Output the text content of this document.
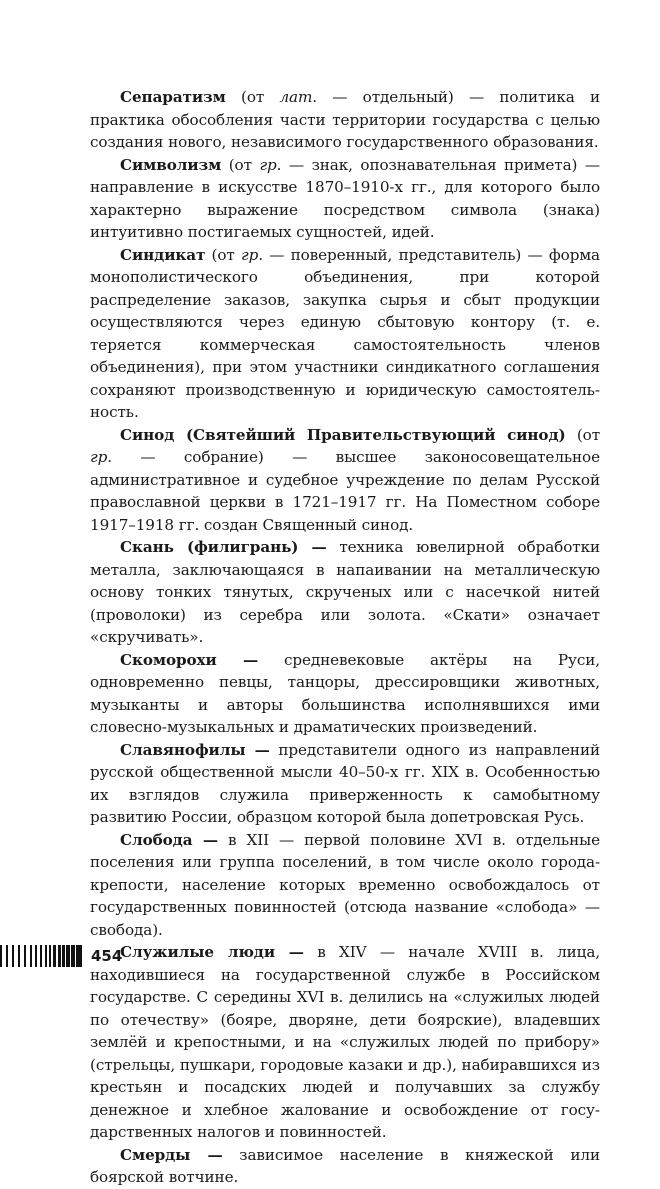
Сепаратизм (от лат. — отдельный) — политика и практика обособления части территории государства с целью создания нового, независимого государственного образования.

Символизм (от гр. — знак, опознавательная примета) — направление в искусстве 1870–1910-х гг., для которого было характерно выражение посредством символа (знака) интуитивно постигаемых сущностей, идей.

Синдикат (от гр. — поверенный, представитель) — форма монополистического объединения, при которой распределение заказов, закупка сырья и сбыт продукции осуществляются через единую сбытовую контору (т. е. теряется коммерческая самостоятельность членов объединения), при этом участники синдикатного соглашения сохраняют производственную и юридическую самостоятельность.

Синод (Святейший Правительствующий синод) (от гр. — собрание) — высшее законосовещательное административное и судебное учреждение по делам Русской православной церкви в 1721–1917 гг. На Поместном соборе 1917–1918 гг. создан Священный синод.

Скань (филигрань) — техника ювелирной обработки металла, заключающаяся в напаивании на металлическую основу тонких тянутых, скрученых или с насечкой нитей (проволоки) из серебра или золота. «Скати» означает «скручивать».

Скоморохи — средневековые актёры на Руси, одновременно певцы, танцоры, дрессировщики животных, музыканты и авторы большинства исполнявшихся ими словесно-музыкальных и драматических произведений.

Славянофилы — представители одного из направлений русской общественной мысли 40–50-х гг. XIX в. Особенностью их взглядов служила приверженность к самобытному развитию России, образцом которой была допетровская Русь.

Слобода — в XII — первой половине XVI в. отдельные поселения или группа поселений, в том числе около города-крепости, население которых временно освобождалось от государственных повинностей (отсюда название «слобода» — свобода).

Служилые люди — в XIV — начале XVIII в. лица, находившиеся на государственной службе в Российском государстве. С середины XVI в. делились на «служилых людей по отечеству» (бояре, дворяне, дети боярские), владевших землёй и крепостными, и на «служилых людей по прибору» (стрельцы, пушкари, городовые казаки и др.), набиравшихся из крестьян и посадских людей и получавших за службу денежное и хлебное жалование и освобождение от государственных налогов и повинностей.

Смерды — зависимое население в княжеской или боярской вотчине.

454
